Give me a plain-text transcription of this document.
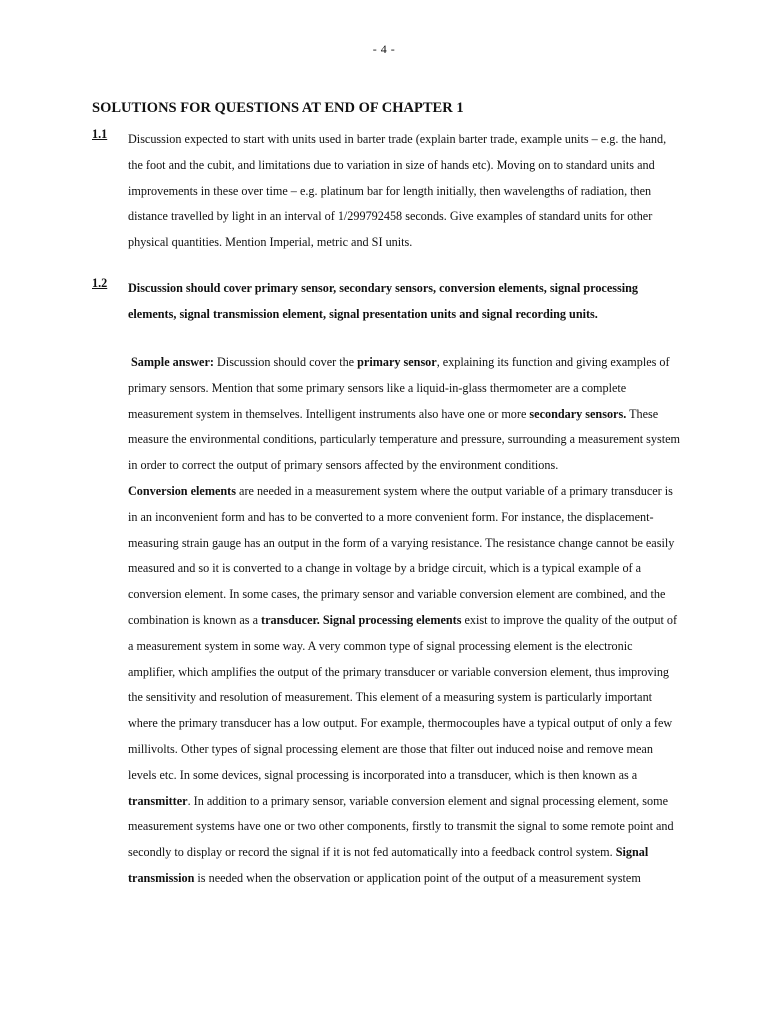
- 4 -
SOLUTIONS FOR QUESTIONS AT END OF CHAPTER 1
1.1 Discussion expected to start with units used in barter trade (explain barter trade, example units – e.g. the hand, the foot and the cubit, and limitations due to variation in size of hands etc). Moving on to standard units and improvements in these over time – e.g. platinum bar for length initially, then wavelengths of radiation, then distance travelled by light in an interval of 1/299792458 seconds. Give examples of standard units for other physical quantities. Mention Imperial, metric and SI units.
1.2 Discussion should cover primary sensor, secondary sensors, conversion elements, signal processing elements, signal transmission element, signal presentation units and signal recording units.

Sample answer: Discussion should cover the primary sensor, explaining its function and giving examples of primary sensors. Mention that some primary sensors like a liquid-in-glass thermometer are a complete measurement system in themselves. Intelligent instruments also have one or more secondary sensors. These measure the environmental conditions, particularly temperature and pressure, surrounding a measurement system in order to correct the output of primary sensors affected by the environment conditions.

Conversion elements are needed in a measurement system where the output variable of a primary transducer is in an inconvenient form and has to be converted to a more convenient form. For instance, the displacement-measuring strain gauge has an output in the form of a varying resistance. The resistance change cannot be easily measured and so it is converted to a change in voltage by a bridge circuit, which is a typical example of a conversion element. In some cases, the primary sensor and variable conversion element are combined, and the combination is known as a transducer. Signal processing elements exist to improve the quality of the output of a measurement system in some way. A very common type of signal processing element is the electronic amplifier, which amplifies the output of the primary transducer or variable conversion element, thus improving the sensitivity and resolution of measurement. This element of a measuring system is particularly important where the primary transducer has a low output. For example, thermocouples have a typical output of only a few millivolts. Other types of signal processing element are those that filter out induced noise and remove mean levels etc. In some devices, signal processing is incorporated into a transducer, which is then known as a transmitter. In addition to a primary sensor, variable conversion element and signal processing element, some measurement systems have one or two other components, firstly to transmit the signal to some remote point and secondly to display or record the signal if it is not fed automatically into a feedback control system. Signal transmission is needed when the observation or application point of the output of a measurement system
